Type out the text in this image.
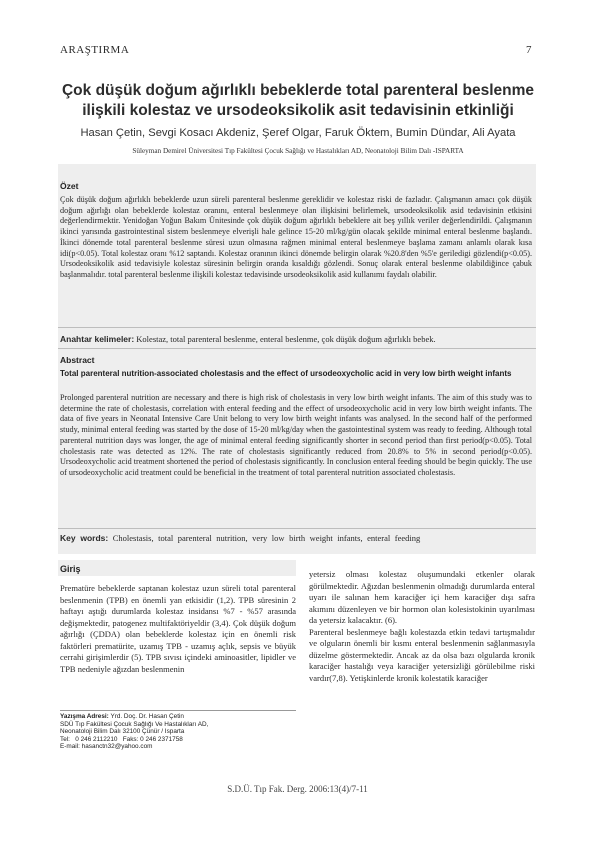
ARAŞTIRMA	7
Çok düşük doğum ağırlıklı bebeklerde total parenteral beslenme ilişkili kolestaz ve ursodeoksikolik asit tedavisinin etkinliği
Hasan Çetin, Sevgi Kosacı Akdeniz, Şeref Olgar, Faruk Öktem, Bumin Dündar, Ali Ayata
Süleyman Demirel Üniversitesi Tıp Fakültesi Çocuk Sağlığı ve Hastalıkları AD, Neonatoloji Bilim Dalı -ISPARTA
Özet
Çok düşük doğum ağırlıklı bebeklerde uzun süreli parenteral beslenme gereklidir ve kolestaz riski de fazladır. Çalışmanın amacı çok düşük doğum ağırlığı olan bebeklerde kolestaz oranını, enteral beslenmeye olan ilişkisini belirlemek, ursodeoksikolik asid tedavisinin etkisini değerlendirmektir. Yenidoğan Yoğun Bakım Ünitesinde çok düşük doğum ağırlıklı bebeklere ait beş yıllık veriler değerlendirildi. Çalışmanın ikinci yarısında gastrointestinal sistem beslenmeye elverişli hale gelince 15-20 ml/kg/gün olacak şekilde minimal enteral beslenme başlandı. İkinci dönemde total parenteral beslenme süresi uzun olmasına rağmen minimal enteral beslenmeye başlama zamanı anlamlı olarak kısa idi(p<0.05). Total kolestaz oranı %12 saptandı. Kolestaz oranının ikinci dönemde belirgin olarak %20.8'den %5'e geriledigi gözlendi(p<0.05). Ursodeoksikolik asid tedavisiyle kolestaz süresinin belirgin oranda kısaldığı gözlendi. Sonuç olarak enteral beslenme olabildiğince çabuk başlanmalıdır. total parenteral beslenme ilişkili kolestaz tedavisinde ursodeoksikolik asid kullanımı faydalı olabilir.
Anahtar kelimeler: Kolestaz, total parenteral beslenme, enteral beslenme, çok düşük doğum ağırlıklı bebek.
Abstract
Total parenteral nutrition-associated cholestasis and the effect of ursodeoxycholic acid in very low birth weight infants
Prolonged parenteral nutrition are necessary and there is high risk of cholestasis in very low birth weight infants. The aim of this study was to determine the rate of cholestasis, correlation with enteral feeding and the effect of ursodeoxycholic acid in very low birth weight infants. The data of five years in Neonatal Intensive Care Unit belong to very low birth weight infants was analysed. In the second half of the performed study, minimal enteral feeding was started by the dose of 15-20 ml/kg/day when the gastointestinal system was ready to feeding. Although total parenteral nutrition days was longer, the age of minimal enteral feeding significantly shorter in second period than first period(p<0.05). Total cholestasis rate was detected as 12%. The rate of cholestasis significantly reduced from 20.8% to 5% in second period(p<0.05). Ursodeoxycholic acid treatment shortened the period of cholestasis significantly. In conclusion enteral feeding should be begin quickly. The use of ursodeoxycholic acid treatment could be beneficial in the treatment of total parenteral nutrition associated cholestasis.
Key words: Cholestasis, total parenteral nutrition, very low birth weight infants, enteral feeding
Giriş

Prematüre bebeklerde saptanan kolestaz uzun süreli total parenteral beslenmenin (TPB) en önemli yan etkisidir (1,2). TPB süresinin 2 haftayı aştığı durumlarda kolestaz insidansı %7 - %57 arasında değişmektedir, patogenez multifaktöriyeldir (3,4). Çok düşük doğum ağırlığı (ÇDDA) olan bebeklerde kolestaz için en önemli risk faktörleri prematürite, uzamış TPB - uzamış açlık, sepsis ve büyük cerrahi girişimlerdir (5). TPB sıvısı içindeki aminoasitler, lipidler ve TPB nedeniyle ağızdan beslenmenin

yetersiz olması kolestaz oluşumundaki etkenler olarak görülmektedir. Ağızdan beslenmenin olmadığı durumlarda enteral uyarı ile salınan hem karaciğer içi hem karaciğer dışı safra akımını düzenleyen ve bir hormon olan kolesistokinin uyarılması da yetersiz kalacaktır. (6).

Parenteral beslenmeye bağlı kolestazda etkin tedavi tartışmalıdır ve olguların önemli bir kısmı enteral beslenmenin sağlanmasıyla düzelme göstermektedir. Ancak az da olsa bazı olgularda kronik karaciğer hastalığı veya karaciğer yetersizliği görülebilme riski vardır(7,8). Yetişkinlerde kronik kolestatik karaciğer

Yazışma Adresi: Yrd. Doç. Dr. Hasan Çetin
SDÜ Tıp Fakültesi Çocuk Sağlığı Ve Hastalıkları AD,
Neonatoloji Bilim Dalı 32100 Çünür / Isparta
Tel:   0 246 2112210   Faks: 0 246 2371758
E-mail: hasanctn32@yahoo.com
S.D.Ü. Tıp Fak. Derg. 2006:13(4)/7-11
